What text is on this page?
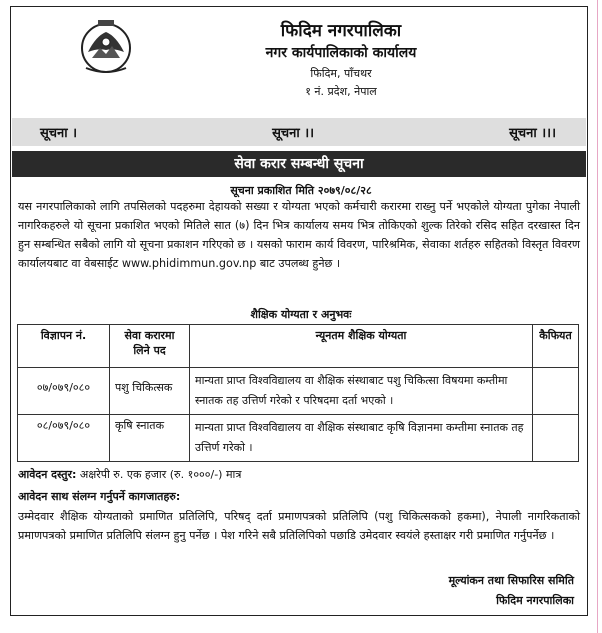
फिदिम नगरपालिका
नगर कार्यपालिकाको कार्यालय
फिदिम, पाँचथर
१ नं. प्रदेश, नेपाल
सूचना ।	सूचना ।।	सूचना ।।।
सेवा करार सम्बन्धी सूचना
सूचना प्रकाशित मिति २०७९/०८/२८
यस नगरपालिकाको लागि तपसिलको पदहरुमा देहायको सख्या र योग्यता भएको कर्मचारी करारमा राख्नु पर्ने भएकोले योग्यता पुगेका नेपाली नागरिकहरुले यो सूचना प्रकाशित भएको मितिले सात (७) दिन भित्र कार्यालय समय भित्र तोकिएको शुल्क तिरेको रसिद सहित दरखास्त दिन हुन सम्बन्धित सबैको लागि यो सूचना प्रकाशन गरिएको छ । यसको फाराम कार्य विवरण, पारिश्रमिक, सेवाका शर्तहरु सहितको विस्तृत विवरण कार्यालयबाट वा वेबसाईट www.phidimmun.gov.np बाट उपलब्ध हुनेछ ।
शैक्षिक योग्यता र अनुभवः
विज्ञापन नं.	सेवा करारमा लिने पद	न्यूनतम शैक्षिक योग्यता	कैफियत
०७/०७९/०८०	पशु चिकित्सक	मान्यता प्राप्त विश्वविद्यालय वा शैक्षिक संस्थाबाट पशु चिकित्सा विषयमा कम्तीमा स्नातक तह उत्तिर्ण गरेको र परिषदमा दर्ता भएको ।	
०८/०७९/०८०	कृषि स्नातक	मान्यता प्राप्त विश्वविद्यालय वा शैक्षिक संस्थाबाट कृषि विज्ञानमा कम्तीमा स्नातक तह उत्तिर्ण गरेको ।	
आवेदन दस्तुर: अक्षरेपी रु. एक हजार (रु. १०००/-) मात्र
आवेदन साथ संलग्न गर्नुपर्ने कागजातहरु:
उम्मेदवार शैक्षिक योग्यताको प्रमाणित प्रतिलिपि, परिषद् दर्ता प्रमाणपत्रको प्रतिलिपि (पशु चिकित्सकको हकमा), नेपाली नागरिकताको प्रमाणपत्रको प्रमाणित प्रतिलिपि संलग्न हुनु पर्नेछ । पेश गरिने सबै प्रतिलिपिको पछाडि उमेदवार स्वयंले हस्ताक्षर गरी प्रमाणित गर्नुपर्नेछ ।
मूल्यांकन तथा सिफारिस समिति
फिदिम नगरपालिका
